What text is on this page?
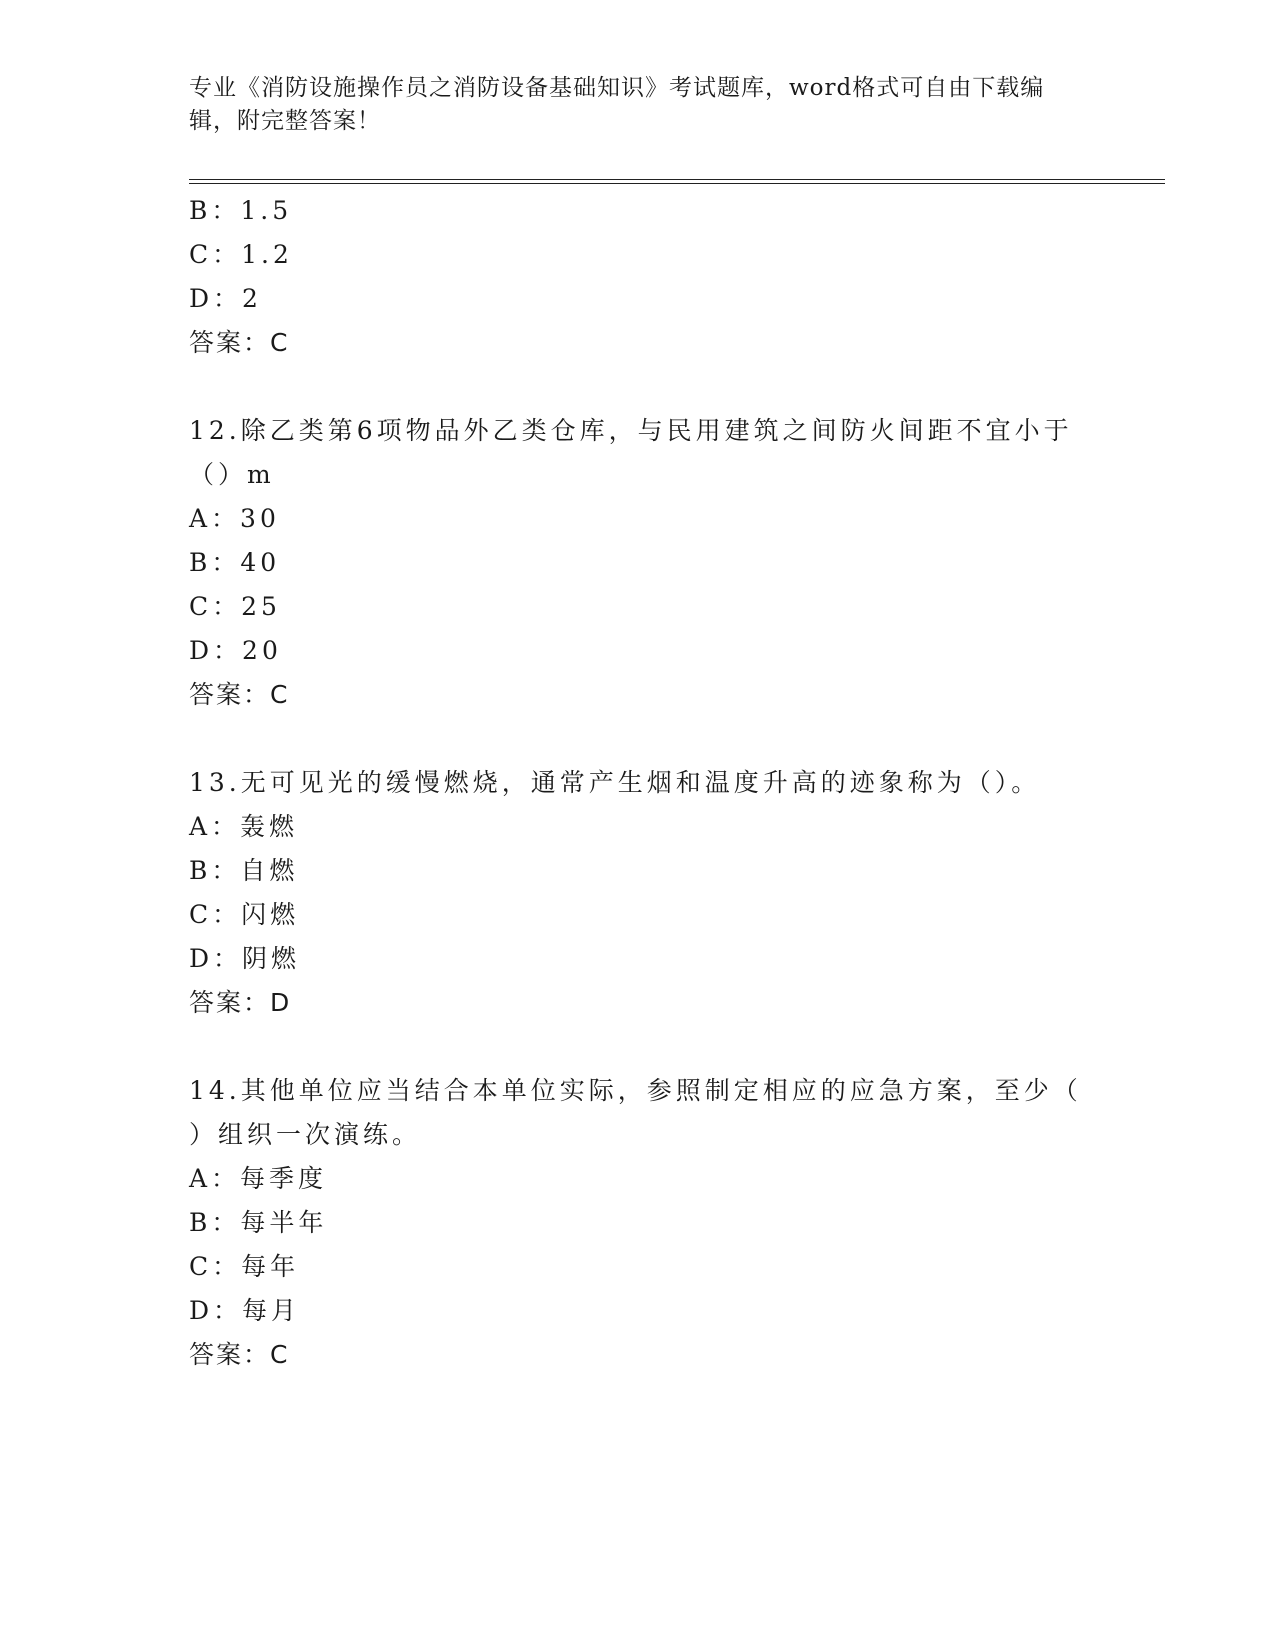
专业《消防设施操作员之消防设备基础知识》考试题库，word格式可自由下载编
辑，附完整答案！
B：1.5
C：1.2
D：2
答案：C
12.除乙类第6项物品外乙类仓库，与民用建筑之间防火间距不宜小于
（）m
A：30
B：40
C：25
D：20
答案：C
13.无可见光的缓慢燃烧，通常产生烟和温度升高的迹象称为（）。
A：轰燃
B：自燃
C：闪燃
D：阴燃
答案：D
14.其他单位应当结合本单位实际，参照制定相应的应急方案，至少（
）组织一次演练。
A：每季度
B：每半年
C：每年
D：每月
答案：C
